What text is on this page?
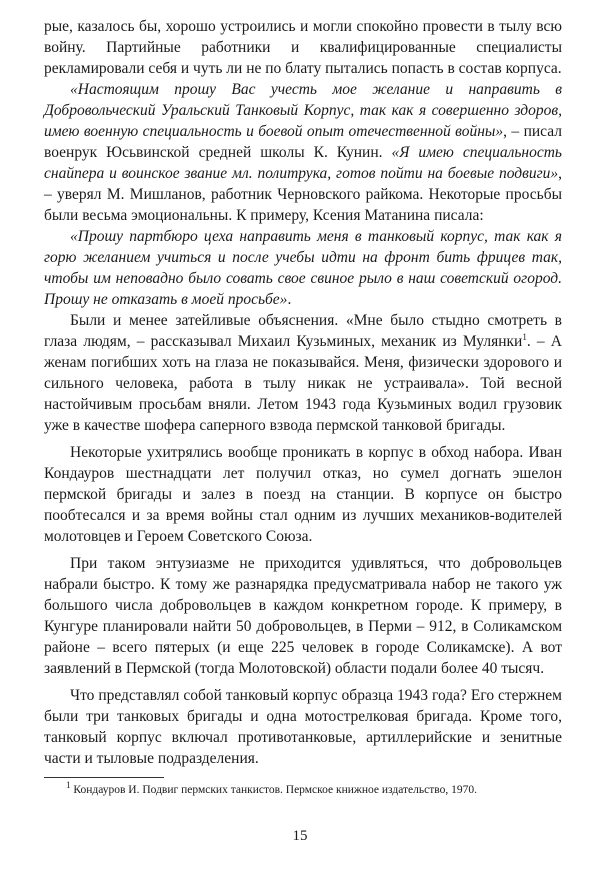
рые, казалось бы, хорошо устроились и могли спокойно провести в тылу всю войну. Партийные работники и квалифицированные специалисты рекламировали себя и чуть ли не по блату пытались попасть в состав корпуса.

«Настоящим прошу Вас учесть мое желание и направить в Добровольческий Уральский Танковый Корпус, так как я совершенно здоров, имею военную специальность и боевой опыт отечественной войны», – писал военрук Юсьвинской средней школы К. Кунин. «Я имею специальность снайпера и воинское звание мл. политрука, готов пойти на боевые подвиги», – уверял М. Мишланов, работник Черновского райкома. Некоторые просьбы были весьма эмоциональны. К примеру, Ксения Матанина писала:

«Прошу партбюро цеха направить меня в танковый корпус, так как я горю желанием учиться и после учебы идти на фронт бить фрицев так, чтобы им неповадно было совать свое свиное рыло в наш советский огород. Прошу не отказать в моей просьбе».

Были и менее затейливые объяснения. «Мне было стыдно смотреть в глаза людям, – рассказывал Михаил Кузьминых, механик из Мулянки$^1$. – А женам погибших хоть на глаза не показывайся. Меня, физически здорового и сильного человека, работа в тылу никак не устраивала». Той весной настойчивым просьбам вняли. Летом 1943 года Кузьминых водил грузовик уже в качестве шофера саперного взвода пермской танковой бригады.

Некоторые ухитрялись вообще проникать в корпус в обход набора. Иван Кондауров шестнадцати лет получил отказ, но сумел догнать эшелон пермской бригады и залез в поезд на станции. В корпусе он быстро пообтесался и за время войны стал одним из лучших механиков-водителей молотовцев и Героем Советского Союза.

При таком энтузиазме не приходится удивляться, что добровольцев набрали быстро. К тому же разнарядка предусматривала набор не такого уж большого числа добровольцев в каждом конкретном городе. К примеру, в Кунгуре планировали найти 50 добровольцев, в Перми – 912, в Соликамском районе – всего пятерых (и еще 225 человек в городе Соликамске). А вот заявлений в Пермской (тогда Молотовской) области подали более 40 тысяч.

Что представлял собой танковый корпус образца 1943 года? Его стержнем были три танковых бригады и одна мотострелковая бригада. Кроме того, танковый корпус включал противотанковые, артиллерийские и зенитные части и тыловые подразделения.

$^1$ Кондауров И. Подвиг пермских танкистов. Пермское книжное издательство, 1970.
15
